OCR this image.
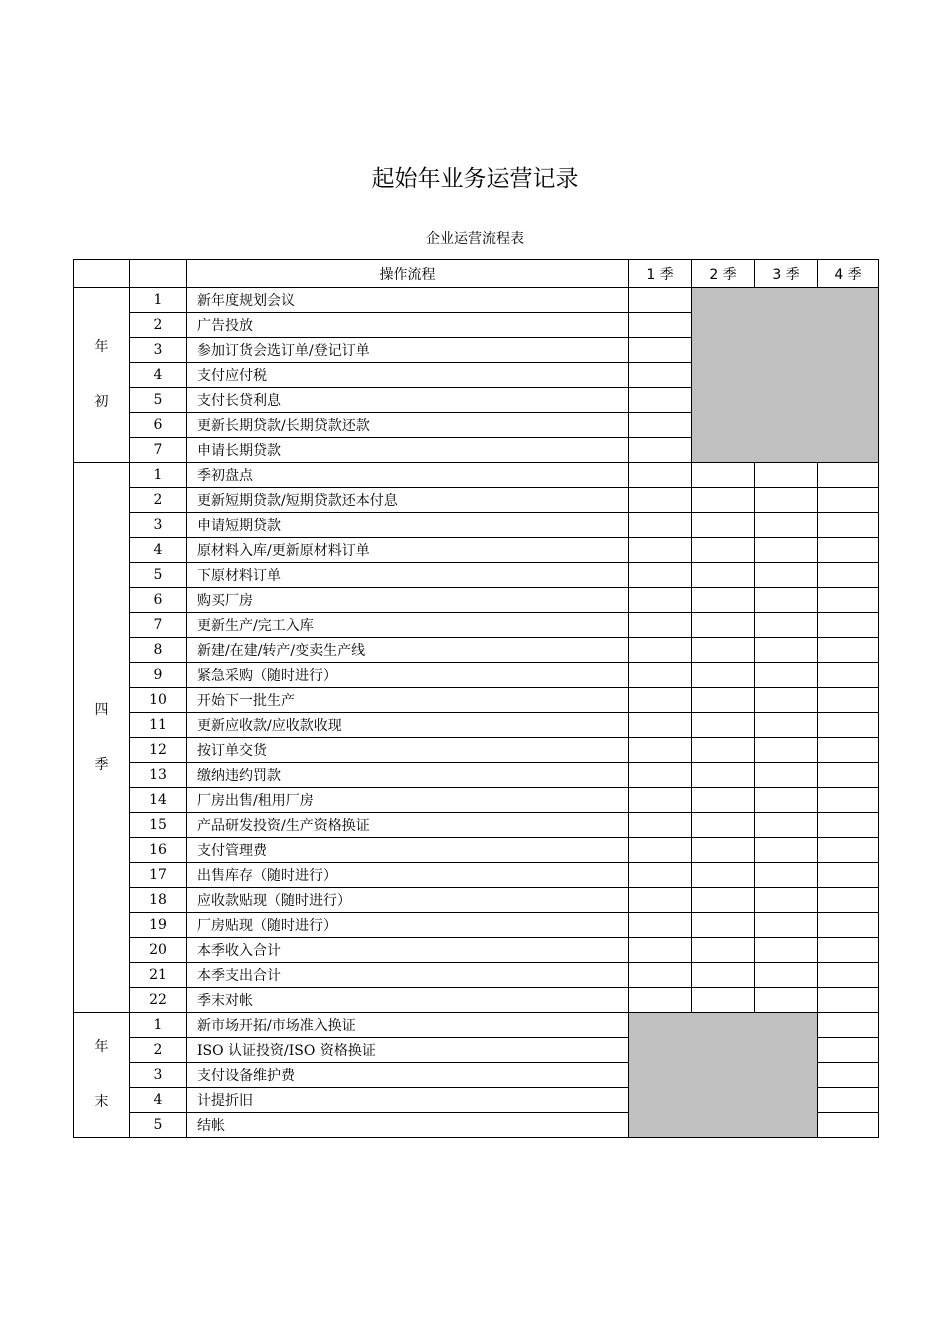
起始年业务运营记录
企业运营流程表
		操作流程	1 季	2 季	3 季	4 季

年
初	1	新年度规划会议				
	2	广告投放				
	3	参加订货会选订单/登记订单				
	4	支付应付税				
	5	支付长贷利息				
	6	更新长期贷款/长期贷款还款				
	7	申请长期贷款				

四
季	1	季初盘点				
	2	更新短期贷款/短期贷款还本付息				
	3	申请短期贷款				
	4	原材料入库/更新原材料订单				
	5	下原材料订单				
	6	购买厂房				
	7	更新生产/完工入库				
	8	新建/在建/转产/变卖生产线				
	9	紧急采购（随时进行）				
	10	开始下一批生产				
	11	更新应收款/应收款收现				
	12	按订单交货				
	13	缴纳违约罚款				
	14	厂房出售/租用厂房				
	15	产品研发投资/生产资格换证				
	16	支付管理费				
	17	出售库存（随时进行）				
	18	应收款贴现（随时进行）				
	19	厂房贴现（随时进行）				
	20	本季收入合计				
	21	本季支出合计				
	22	季末对帐				

年
末	1	新市场开拓/市场准入换证				
	2	ISO 认证投资/ISO 资格换证				
	3	支付设备维护费				
	4	计提折旧				
	5	结帐				
